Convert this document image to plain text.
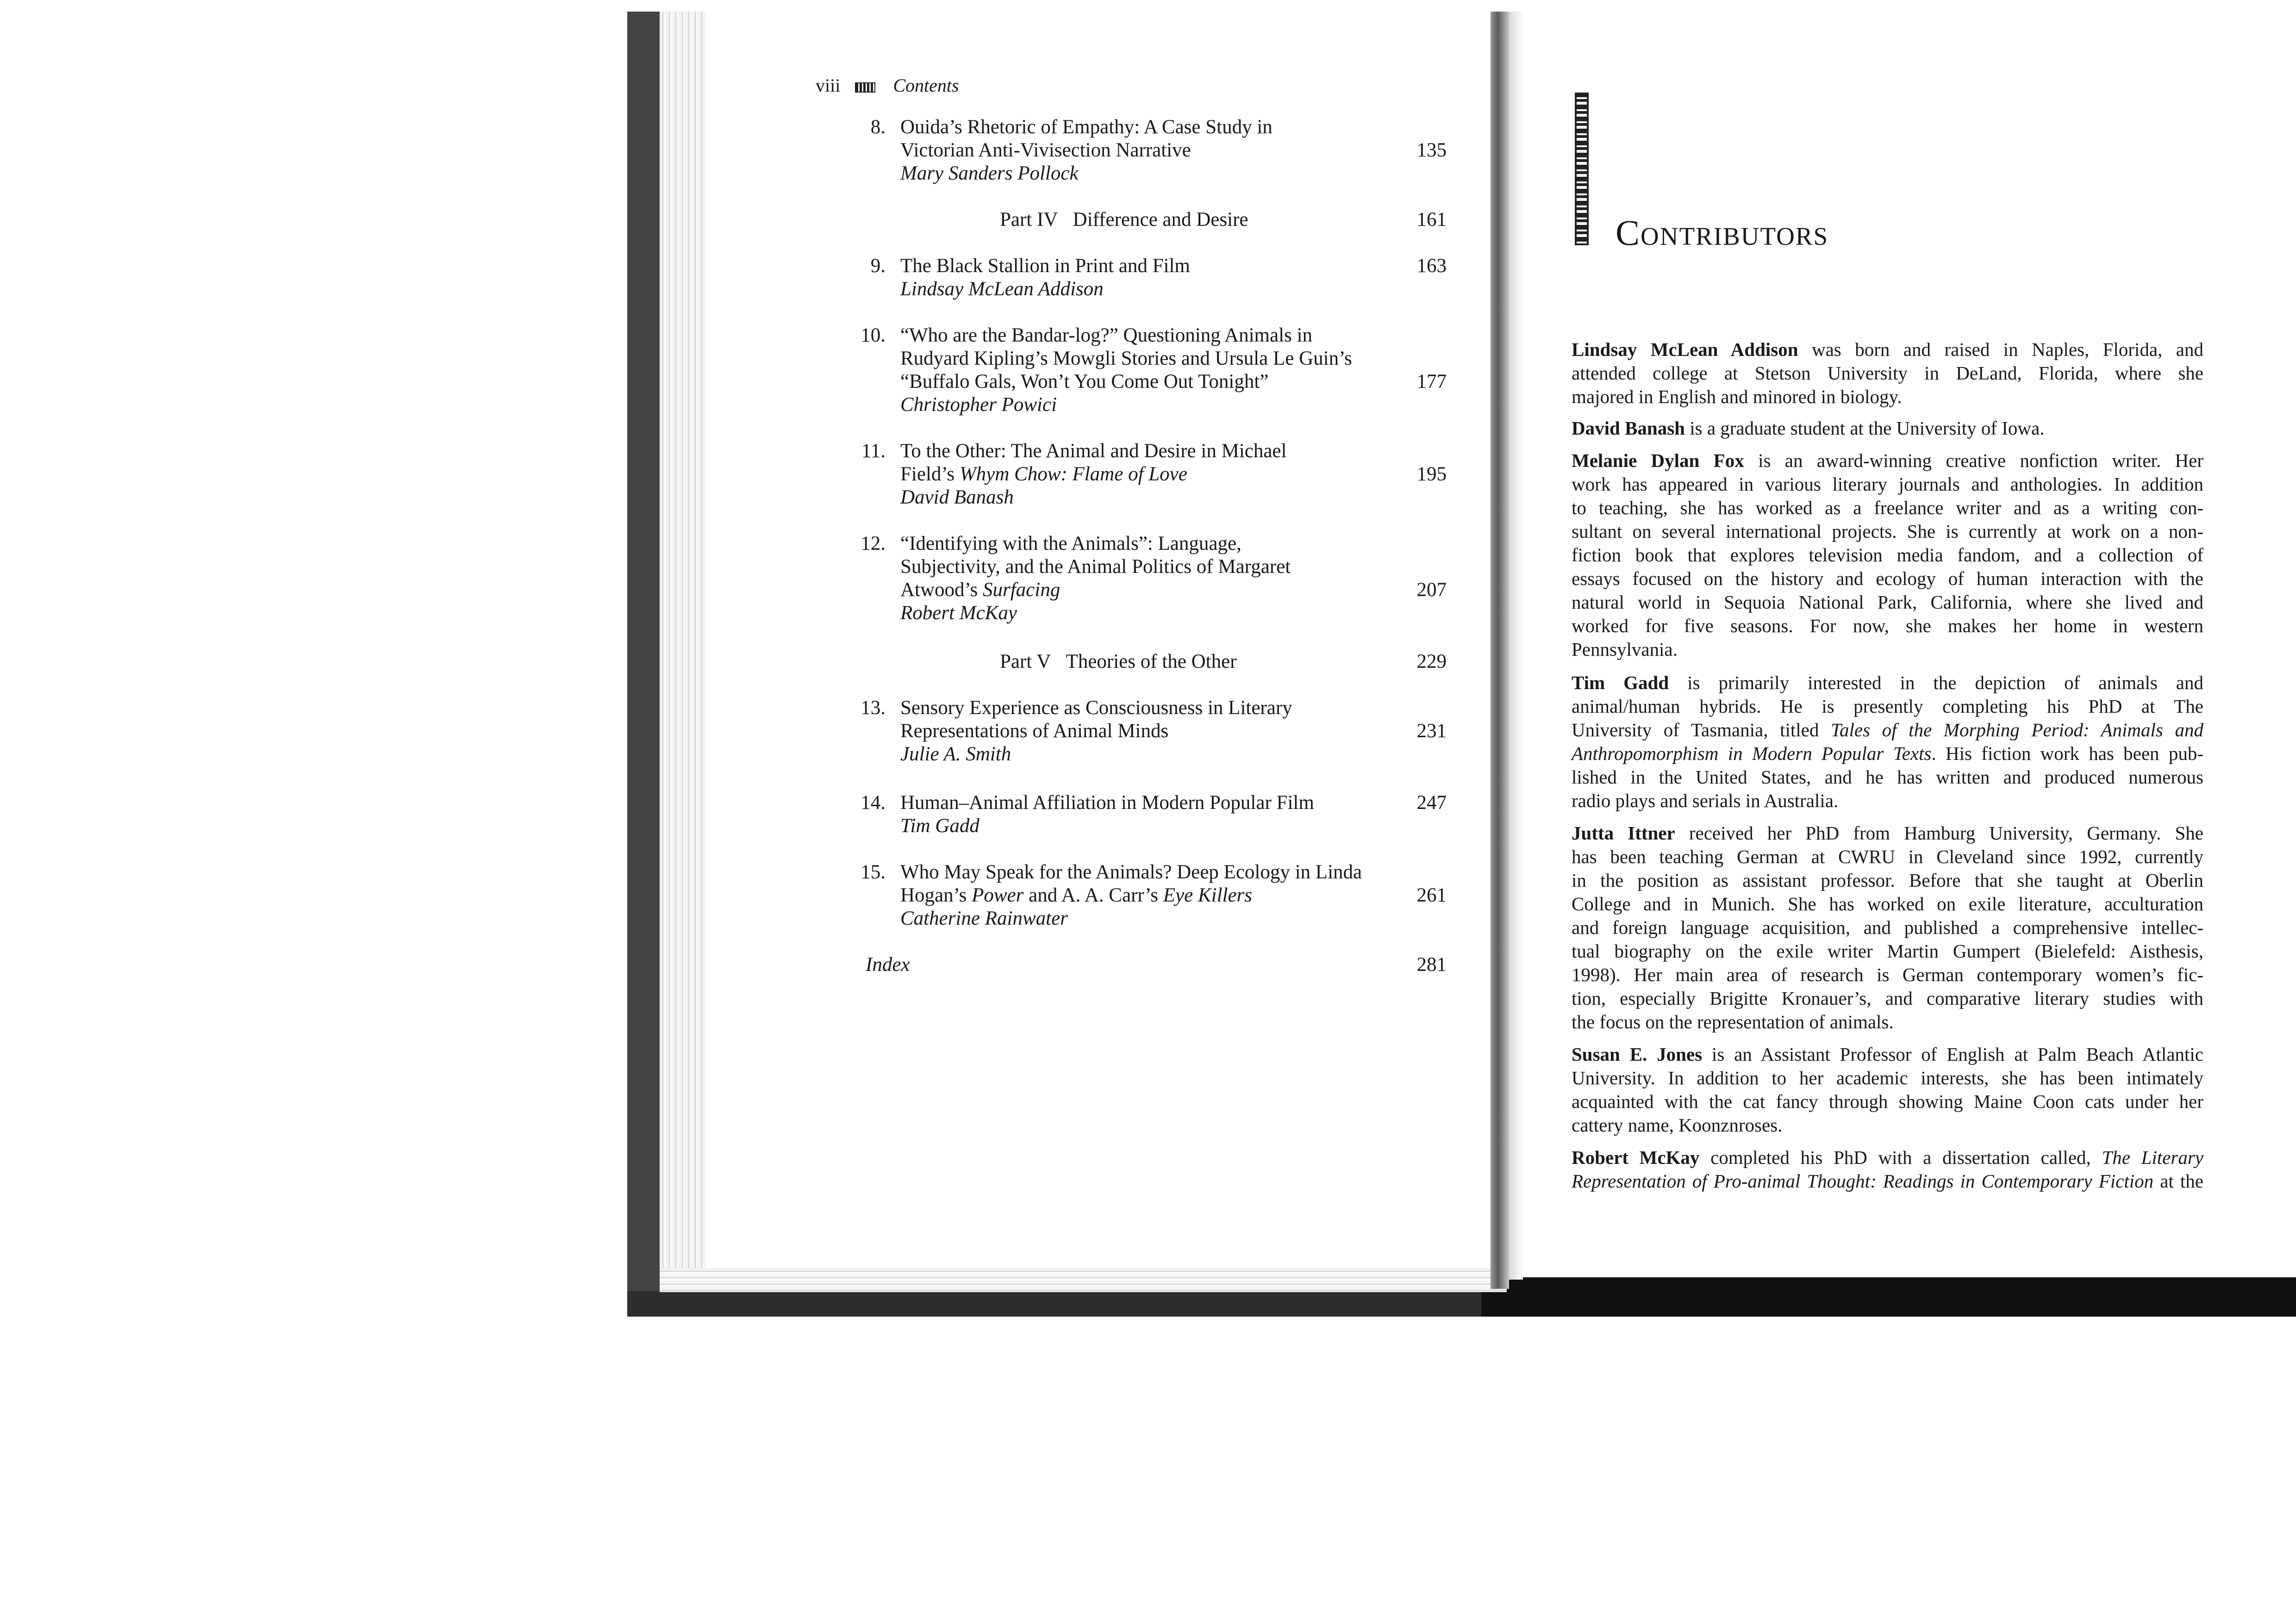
viii	Contents
8. Ouida’s Rhetoric of Empathy: A Case Study in
Victorian Anti-Vivisection Narrative	135
Mary Sanders Pollock
Part IV Difference and Desire	161
9. The Black Stallion in Print and Film	163
Lindsay McLean Addison
10. “Who are the Bandar-log?” Questioning Animals in
Rudyard Kipling’s Mowgli Stories and Ursula Le Guin’s
“Buffalo Gals, Won’t You Come Out Tonight”	177
Christopher Powici
11. To the Other: The Animal and Desire in Michael
Field’s Whym Chow: Flame of Love	195
David Banash
12. “Identifying with the Animals”: Language,
Subjectivity, and the Animal Politics of Margaret
Atwood’s Surfacing	207
Robert McKay
Part V Theories of the Other	229
13. Sensory Experience as Consciousness in Literary
Representations of Animal Minds	231
Julie A. Smith
14. Human–Animal Affiliation in Modern Popular Film	247
Tim Gadd
15. Who May Speak for the Animals? Deep Ecology in Linda
Hogan’s Power and A. A. Carr’s Eye Killers	261
Catherine Rainwater
Index	281
Contributors
Lindsay McLean Addison was born and raised in Naples, Florida, and
attended college at Stetson University in DeLand, Florida, where she
majored in English and minored in biology.
David Banash is a graduate student at the University of Iowa.
Melanie Dylan Fox is an award-winning creative nonfiction writer. Her
work has appeared in various literary journals and anthologies. In addition
to teaching, she has worked as a freelance writer and as a writing con-
sultant on several international projects. She is currently at work on a non-
fiction book that explores television media fandom, and a collection of
essays focused on the history and ecology of human interaction with the
natural world in Sequoia National Park, California, where she lived and
worked for five seasons. For now, she makes her home in western
Pennsylvania.
Tim Gadd is primarily interested in the depiction of animals and
animal/human hybrids. He is presently completing his PhD at The
University of Tasmania, titled Tales of the Morphing Period: Animals and
Anthropomorphism in Modern Popular Texts. His fiction work has been pub-
lished in the United States, and he has written and produced numerous
radio plays and serials in Australia.
Jutta Ittner received her PhD from Hamburg University, Germany. She
has been teaching German at CWRU in Cleveland since 1992, currently
in the position as assistant professor. Before that she taught at Oberlin
College and in Munich. She has worked on exile literature, acculturation
and foreign language acquisition, and published a comprehensive intellec-
tual biography on the exile writer Martin Gumpert (Bielefeld: Aisthesis,
1998). Her main area of research is German contemporary women’s fic-
tion, especially Brigitte Kronauer’s, and comparative literary studies with
the focus on the representation of animals.
Susan E. Jones is an Assistant Professor of English at Palm Beach Atlantic
University. In addition to her academic interests, she has been intimately
acquainted with the cat fancy through showing Maine Coon cats under her
cattery name, Koonznroses.
Robert McKay completed his PhD with a dissertation called, The Literary
Representation of Pro-animal Thought: Readings in Contemporary Fiction at the
